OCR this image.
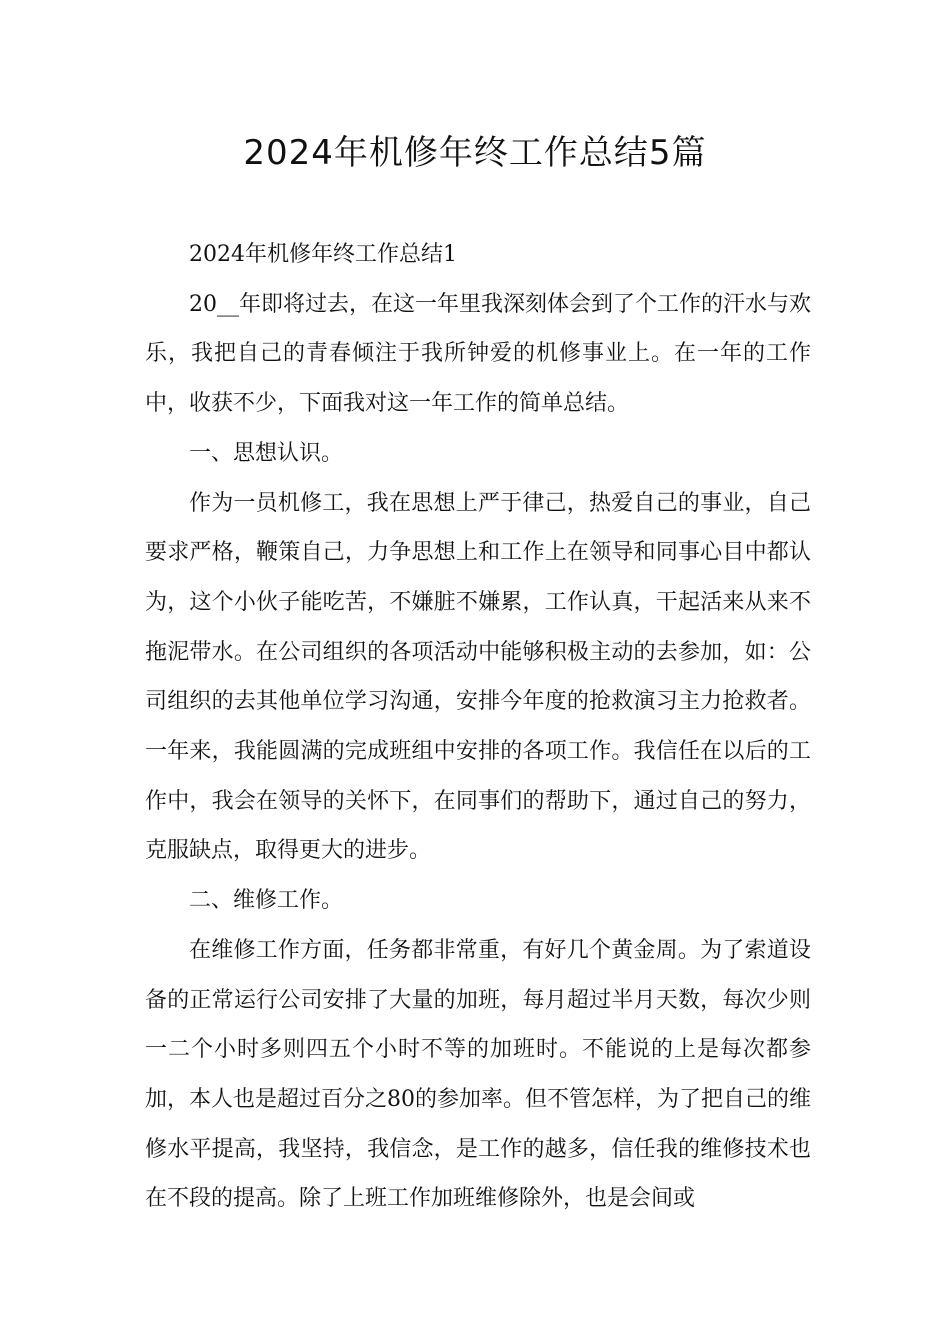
2024年机修年终工作总结5篇

2024年机修年终工作总结1

20__年即将过去，在这一年里我深刻体会到了个工作的汗水与欢乐，我把自己的青春倾注于我所钟爱的机修事业上。在一年的工作中，收获不少，下面我对这一年工作的简单总结。

一、思想认识。

作为一员机修工，我在思想上严于律己，热爱自己的事业，自己要求严格，鞭策自己，力争思想上和工作上在领导和同事心目中都认为，这个小伙子能吃苦，不嫌脏不嫌累，工作认真，干起活来从来不拖泥带水。在公司组织的各项活动中能够积极主动的去参加，如：公司组织的去其他单位学习沟通，安排今年度的抢救演习主力抢救者。一年来，我能圆满的完成班组中安排的各项工作。我信任在以后的工作中，我会在领导的关怀下，在同事们的帮助下，通过自己的努力，克服缺点，取得更大的进步。

二、维修工作。

在维修工作方面，任务都非常重，有好几个黄金周。为了索道设备的正常运行公司安排了大量的加班，每月超过半月天数，每次少则一二个小时多则四五个小时不等的加班时。不能说的上是每次都参加，本人也是超过百分之80的参加率。但不管怎样，为了把自己的维修水平提高，我坚持，我信念，是工作的越多，信任我的维修技术也在不段的提高。除了上班工作加班维修除外，也是会间或
